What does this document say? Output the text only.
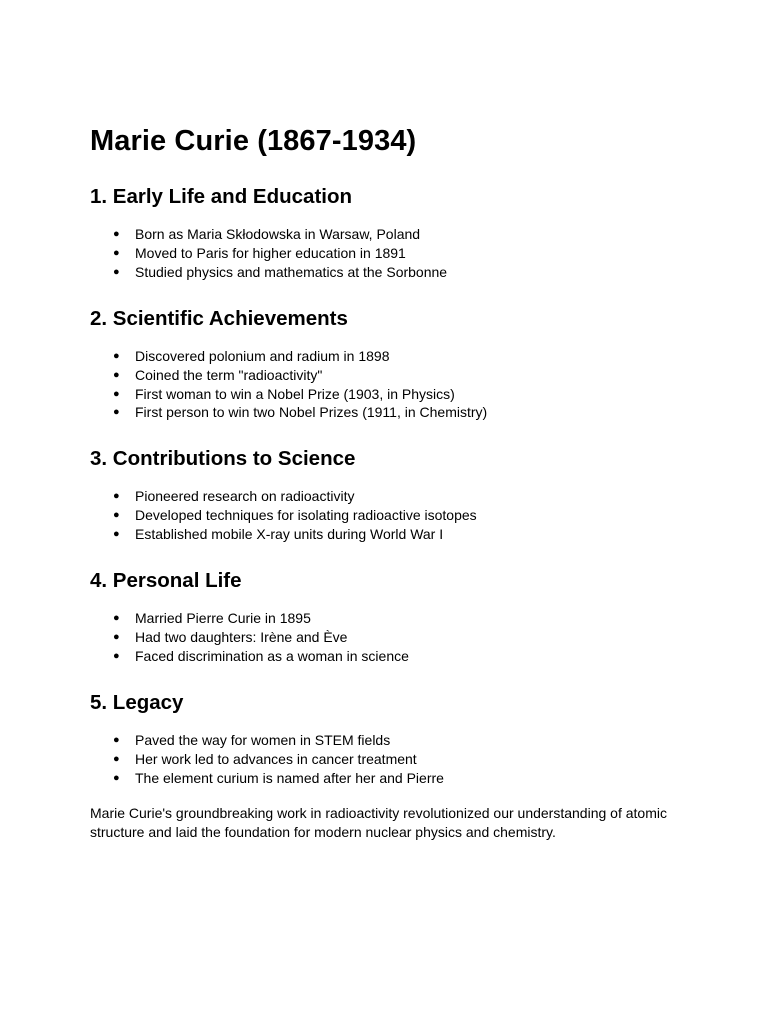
Marie Curie (1867-1934)
1. Early Life and Education
● Born as Maria Skłodowska in Warsaw, Poland
● Moved to Paris for higher education in 1891
● Studied physics and mathematics at the Sorbonne
2. Scientific Achievements
● Discovered polonium and radium in 1898
● Coined the term "radioactivity"
● First woman to win a Nobel Prize (1903, in Physics)
● First person to win two Nobel Prizes (1911, in Chemistry)
3. Contributions to Science
● Pioneered research on radioactivity
● Developed techniques for isolating radioactive isotopes
● Established mobile X-ray units during World War I
4. Personal Life
● Married Pierre Curie in 1895
● Had two daughters: Irène and Ève
● Faced discrimination as a woman in science
5. Legacy
● Paved the way for women in STEM fields
● Her work led to advances in cancer treatment
● The element curium is named after her and Pierre

Marie Curie's groundbreaking work in radioactivity revolutionized our understanding of atomic structure and laid the foundation for modern nuclear physics and chemistry.
